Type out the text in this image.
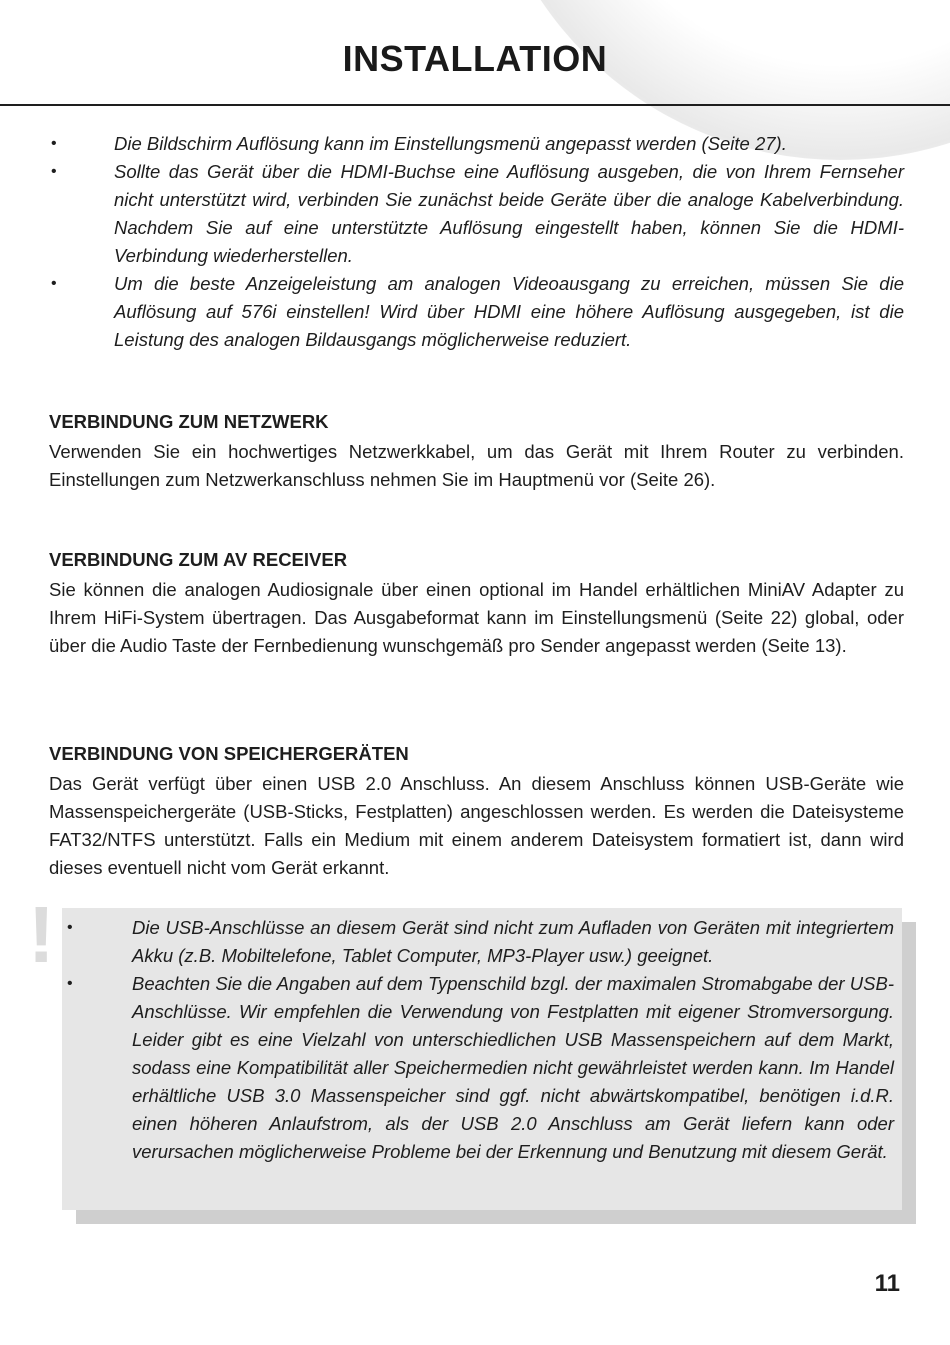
INSTALLATION
• Die Bildschirm Auflösung kann im Einstellungsmenü angepasst werden (Seite 27).
• Sollte das Gerät über die HDMI-Buchse eine Auflösung ausgeben, die von Ihrem Fernseher nicht unterstützt wird, verbinden Sie zunächst beide Geräte über die analoge Kabelverbindung. Nachdem Sie auf eine unterstützte Auflösung eingestellt haben, können Sie die HDMI-Verbindung wiederherstellen.
• Um die beste Anzeigeleistung am analogen Videoausgang zu erreichen, müssen Sie die Auflösung auf 576i einstellen! Wird über HDMI eine höhere Auflösung ausgegeben, ist die Leistung des analogen Bildausgangs möglicherweise reduziert.
VERBINDUNG ZUM NETZWERK

Verwenden Sie ein hochwertiges Netzwerkkabel, um das Gerät mit Ihrem Router zu verbinden. Einstellungen zum Netzwerkanschluss nehmen Sie im Hauptmenü vor (Seite 26).

VERBINDUNG ZUM AV RECEIVER

Sie können die analogen Audiosignale über einen optional im Handel erhältlichen MiniAV Adapter zu Ihrem HiFi-System übertragen. Das Ausgabeformat kann im Einstellungsmenü (Seite 22) global, oder über die Audio Taste der Fernbedienung wunschgemäß pro Sender angepasst werden (Seite 13).

VERBINDUNG VON SPEICHERGERÄTEN

Das Gerät verfügt über einen USB 2.0 Anschluss. An diesem Anschluss können USB-Geräte wie Massenspeichergeräte (USB-Sticks, Festplatten) angeschlossen werden. Es werden die Dateisysteme FAT32/NTFS unterstützt. Falls ein Medium mit einem anderem Dateisystem formatiert ist, dann wird dieses eventuell nicht vom Gerät erkannt.

!
•	Die USB-Anschlüsse an diesem Gerät sind nicht zum Aufladen von Geräten mit integriertem Akku (z.B. Mobiltelefone, Tablet Computer, MP3-Player usw.) geeignet.
• Beachten Sie die Angaben auf dem Typenschild bzgl. der maximalen Stromabgabe der USB-Anschlüsse. Wir empfehlen die Verwendung von Festplatten mit eigener Stromversorgung. Leider gibt es eine Vielzahl von unterschiedlichen USB Massenspeichern auf dem Markt, sodass eine Kompatibilität aller Speichermedien nicht gewährleistet werden kann. Im Handel erhältliche USB 3.0 Massenspeicher sind ggf. nicht abwärtskompatibel, benötigen i.d.R. einen höheren Anlaufstrom, als der USB 2.0 Anschluss am Gerät liefern kann oder verursachen möglicherweise Probleme bei der Erkennung und Benutzung mit diesem Gerät.
11
